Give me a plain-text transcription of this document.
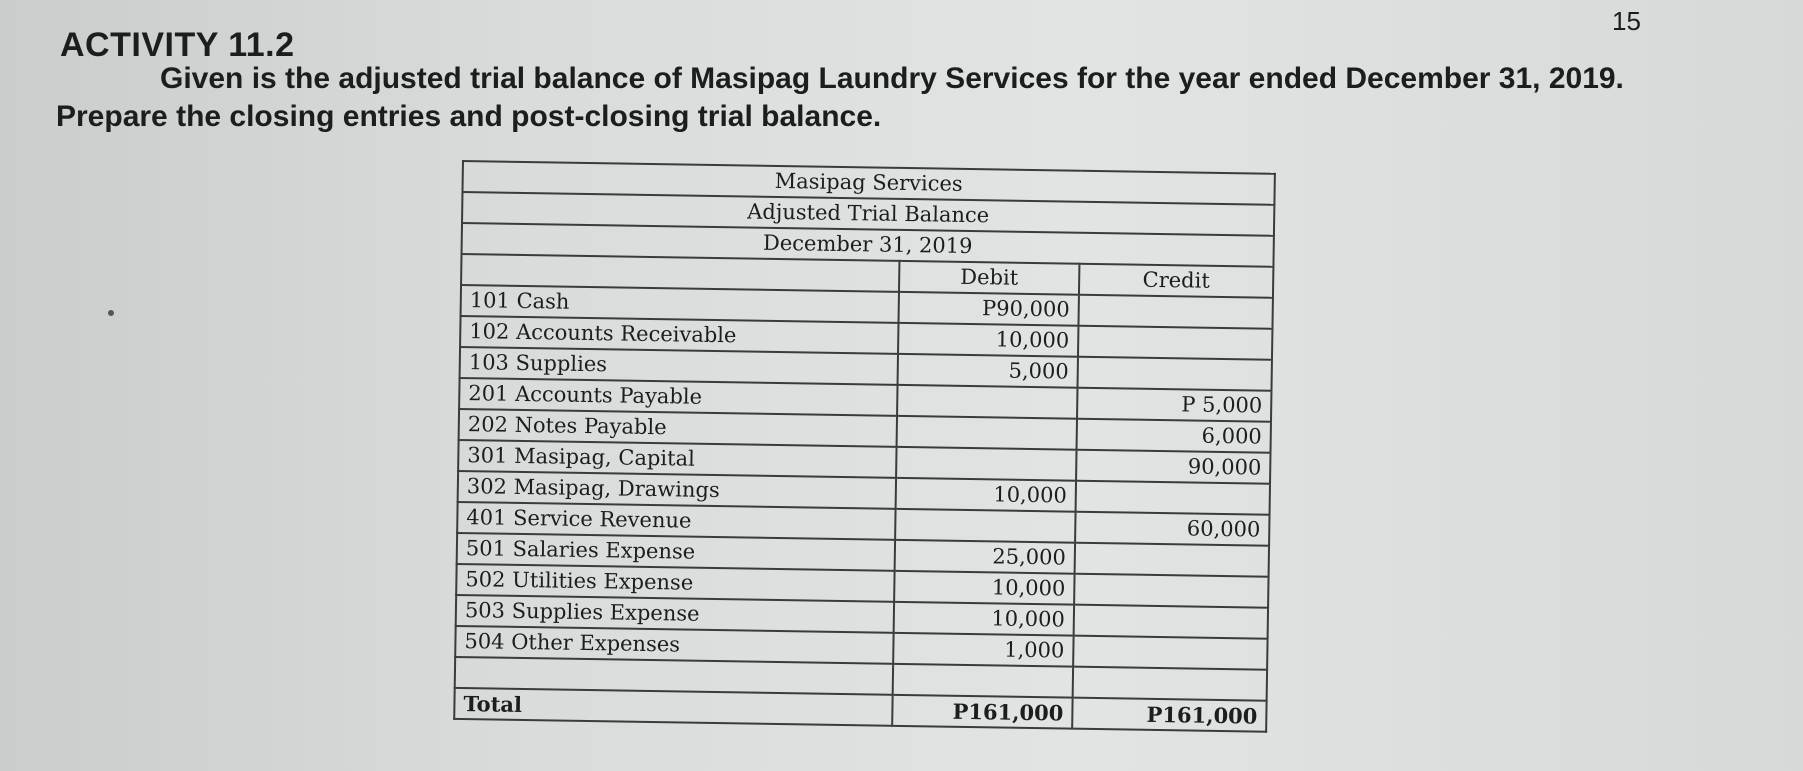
15
ACTIVITY 11.2
Given is the adjusted trial balance of Masipag Laundry Services for the year ended December 31, 2019.
Prepare the closing entries and post-closing trial balance.
Masipag Services		
Adjusted Trial Balance		
December 31, 2019		
	Debit	Credit
101 Cash	P90,000	
102 Accounts Receivable	10,000	
103 Supplies	5,000	
201 Accounts Payable		P 5,000
202 Notes Payable		6,000
301 Masipag, Capital		90,000
302 Masipag, Drawings	10,000	
401 Service Revenue		60,000
501 Salaries Expense	25,000	
502 Utilities Expense	10,000	
503 Supplies Expense	10,000	
504 Other Expenses	1,000	

Total	P161,000	P161,000
